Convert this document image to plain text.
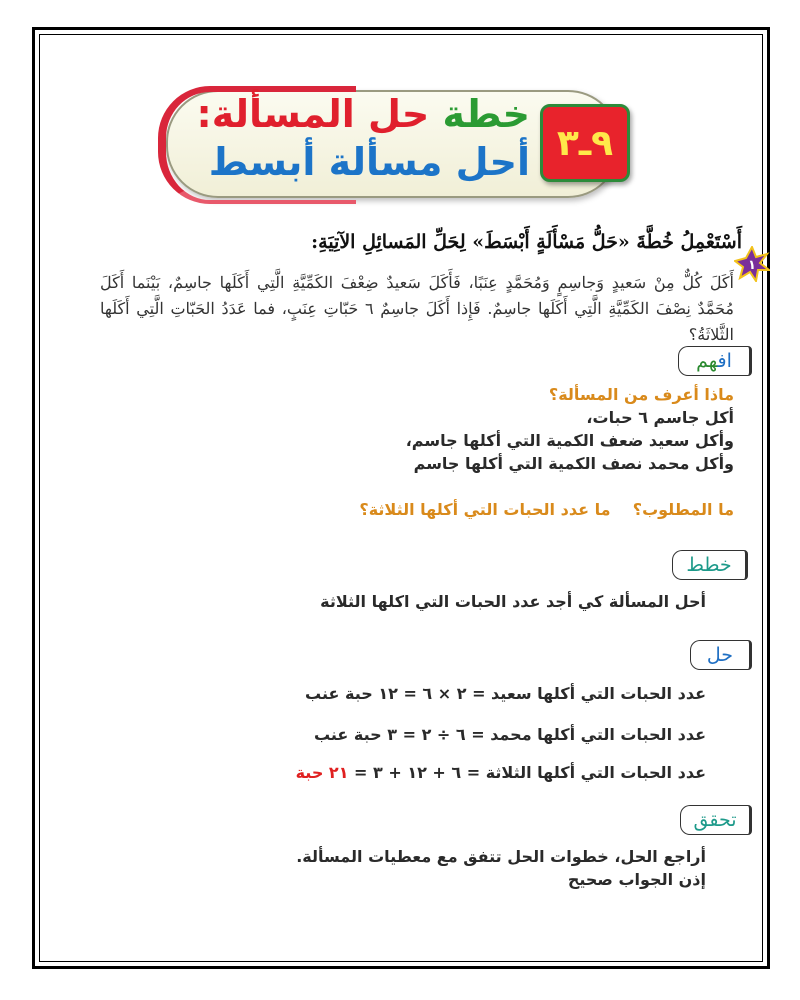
خطة حل المسألة:
أحل مسألة أبسط ٩ـ٣
أَسْتَعْمِلُ خُطَّةَ «حَلُّ مَسْأَلَةٍ أَبْسَطَ» لِحَلِّ المَسائِلِ الآتِيَةِ:
١
أَكَلَ كُلٌّ مِنْ سَعيدٍ وَجاسِمٍ وَمُحَمَّدٍ عِنَبًا، فَأَكَلَ سَعيدٌ ضِعْفَ الكَمِّيَّةِ الَّتِي أَكَلَها جاسِمٌ، بَيْنَما أَكَلَ مُحَمَّدٌ نِصْفَ الكَمِّيَّةِ الَّتِي أَكَلَها جاسِمٌ. فَإِذا أَكَلَ جاسِمٌ ٦ حَبّاتِ عِنَبٍ، فما عَدَدُ الحَبّاتِ الَّتِي أَكَلَها الثَّلاثَةُ؟
افهم
ماذا أعرف من المسألة؟
أكل جاسم ٦ حبات،
وأكل سعيد ضعف الكمية التي أكلها جاسم،
وأكل محمد نصف الكمية التي أكلها جاسم
ما المطلوب؟    ما عدد الحبات التي أكلها الثلاثة؟
خطط
أحل المسألة كي أجد عدد الحبات التي اكلها الثلاثة
حل
عدد الحبات التي أكلها سعيد = ٢ × ٦ = ١٢ حبة عنب
عدد الحبات التي أكلها محمد = ٦ ÷ ٢ = ٣ حبة عنب
عدد الحبات التي أكلها الثلاثة = ٦ + ١٢ + ٣ = ٢١ حبة
تحقق
أراجع الحل، خطوات الحل تتفق مع معطيات المسألة.
إذن الجواب صحيح
